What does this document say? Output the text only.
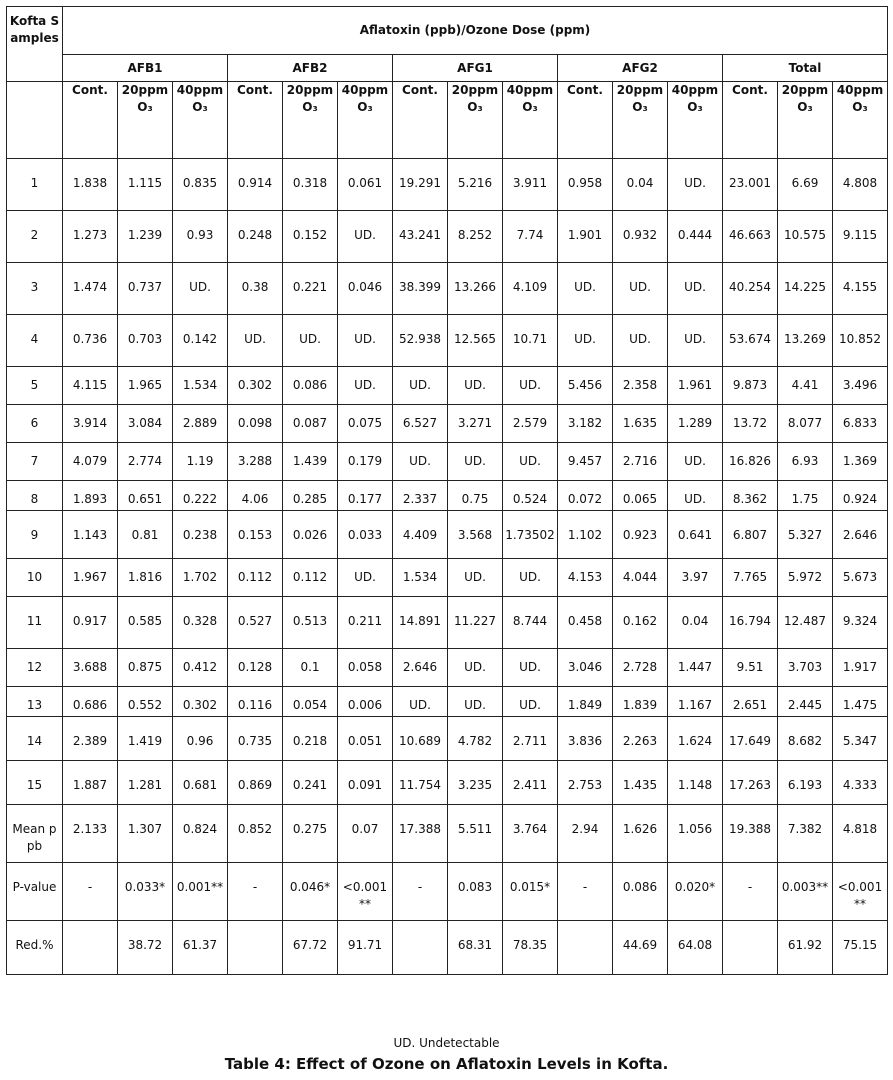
Kofta Samples	Aflatoxin (ppb)/Ozone Dose (ppm)														
	AFB1			AFB2			AFG1			AFG2			Total		
	Cont.	20ppm O₃	40ppm O₃	Cont.	20ppm O₃	40ppm O₃	Cont.	20ppm O₃	40ppm O₃	Cont.	20ppm O₃	40ppm O₃	Cont.	20ppm O₃	40ppm O₃
1	1.838	1.115	0.835	0.914	0.318	0.061	19.291	5.216	3.911	0.958	0.04	UD.	23.001	6.69	4.808
2	1.273	1.239	0.93	0.248	0.152	UD.	43.241	8.252	7.74	1.901	0.932	0.444	46.663	10.575	9.115
3	1.474	0.737	UD.	0.38	0.221	0.046	38.399	13.266	4.109	UD.	UD.	UD.	40.254	14.225	4.155
4	0.736	0.703	0.142	UD.	UD.	UD.	52.938	12.565	10.71	UD.	UD.	UD.	53.674	13.269	10.852
5	4.115	1.965	1.534	0.302	0.086	UD.	UD.	UD.	UD.	5.456	2.358	1.961	9.873	4.41	3.496
6	3.914	3.084	2.889	0.098	0.087	0.075	6.527	3.271	2.579	3.182	1.635	1.289	13.72	8.077	6.833
7	4.079	2.774	1.19	3.288	1.439	0.179	UD.	UD.	UD.	9.457	2.716	UD.	16.826	6.93	1.369
8	1.893	0.651	0.222	4.06	0.285	0.177	2.337	0.75	0.524	0.072	0.065	UD.	8.362	1.75	0.924
9	1.143	0.81	0.238	0.153	0.026	0.033	4.409	3.568	1.73502	1.102	0.923	0.641	6.807	5.327	2.646
10	1.967	1.816	1.702	0.112	0.112	UD.	1.534	UD.	UD.	4.153	4.044	3.97	7.765	5.972	5.673
11	0.917	0.585	0.328	0.527	0.513	0.211	14.891	11.227	8.744	0.458	0.162	0.04	16.794	12.487	9.324
12	3.688	0.875	0.412	0.128	0.1	0.058	2.646	UD.	UD.	3.046	2.728	1.447	9.51	3.703	1.917
13	0.686	0.552	0.302	0.116	0.054	0.006	UD.	UD.	UD.	1.849	1.839	1.167	2.651	2.445	1.475
14	2.389	1.419	0.96	0.735	0.218	0.051	10.689	4.782	2.711	3.836	2.263	1.624	17.649	8.682	5.347
15	1.887	1.281	0.681	0.869	0.241	0.091	11.754	3.235	2.411	2.753	1.435	1.148	17.263	6.193	4.333
Mean ppb	2.133	1.307	0.824	0.852	0.275	0.07	17.388	5.511	3.764	2.94	1.626	1.056	19.388	7.382	4.818
P-value	-	0.033*	0.001**	-	0.046*	<0.001**	-	0.083	0.015*	-	0.086	0.020*	-	0.003**	<0.001**
Red.%		38.72	61.37		67.72	91.71		68.31	78.35		44.69	64.08		61.92	75.15
UD. Undetectable
Table 4: Effect of Ozone on Aflatoxin Levels in Kofta.
